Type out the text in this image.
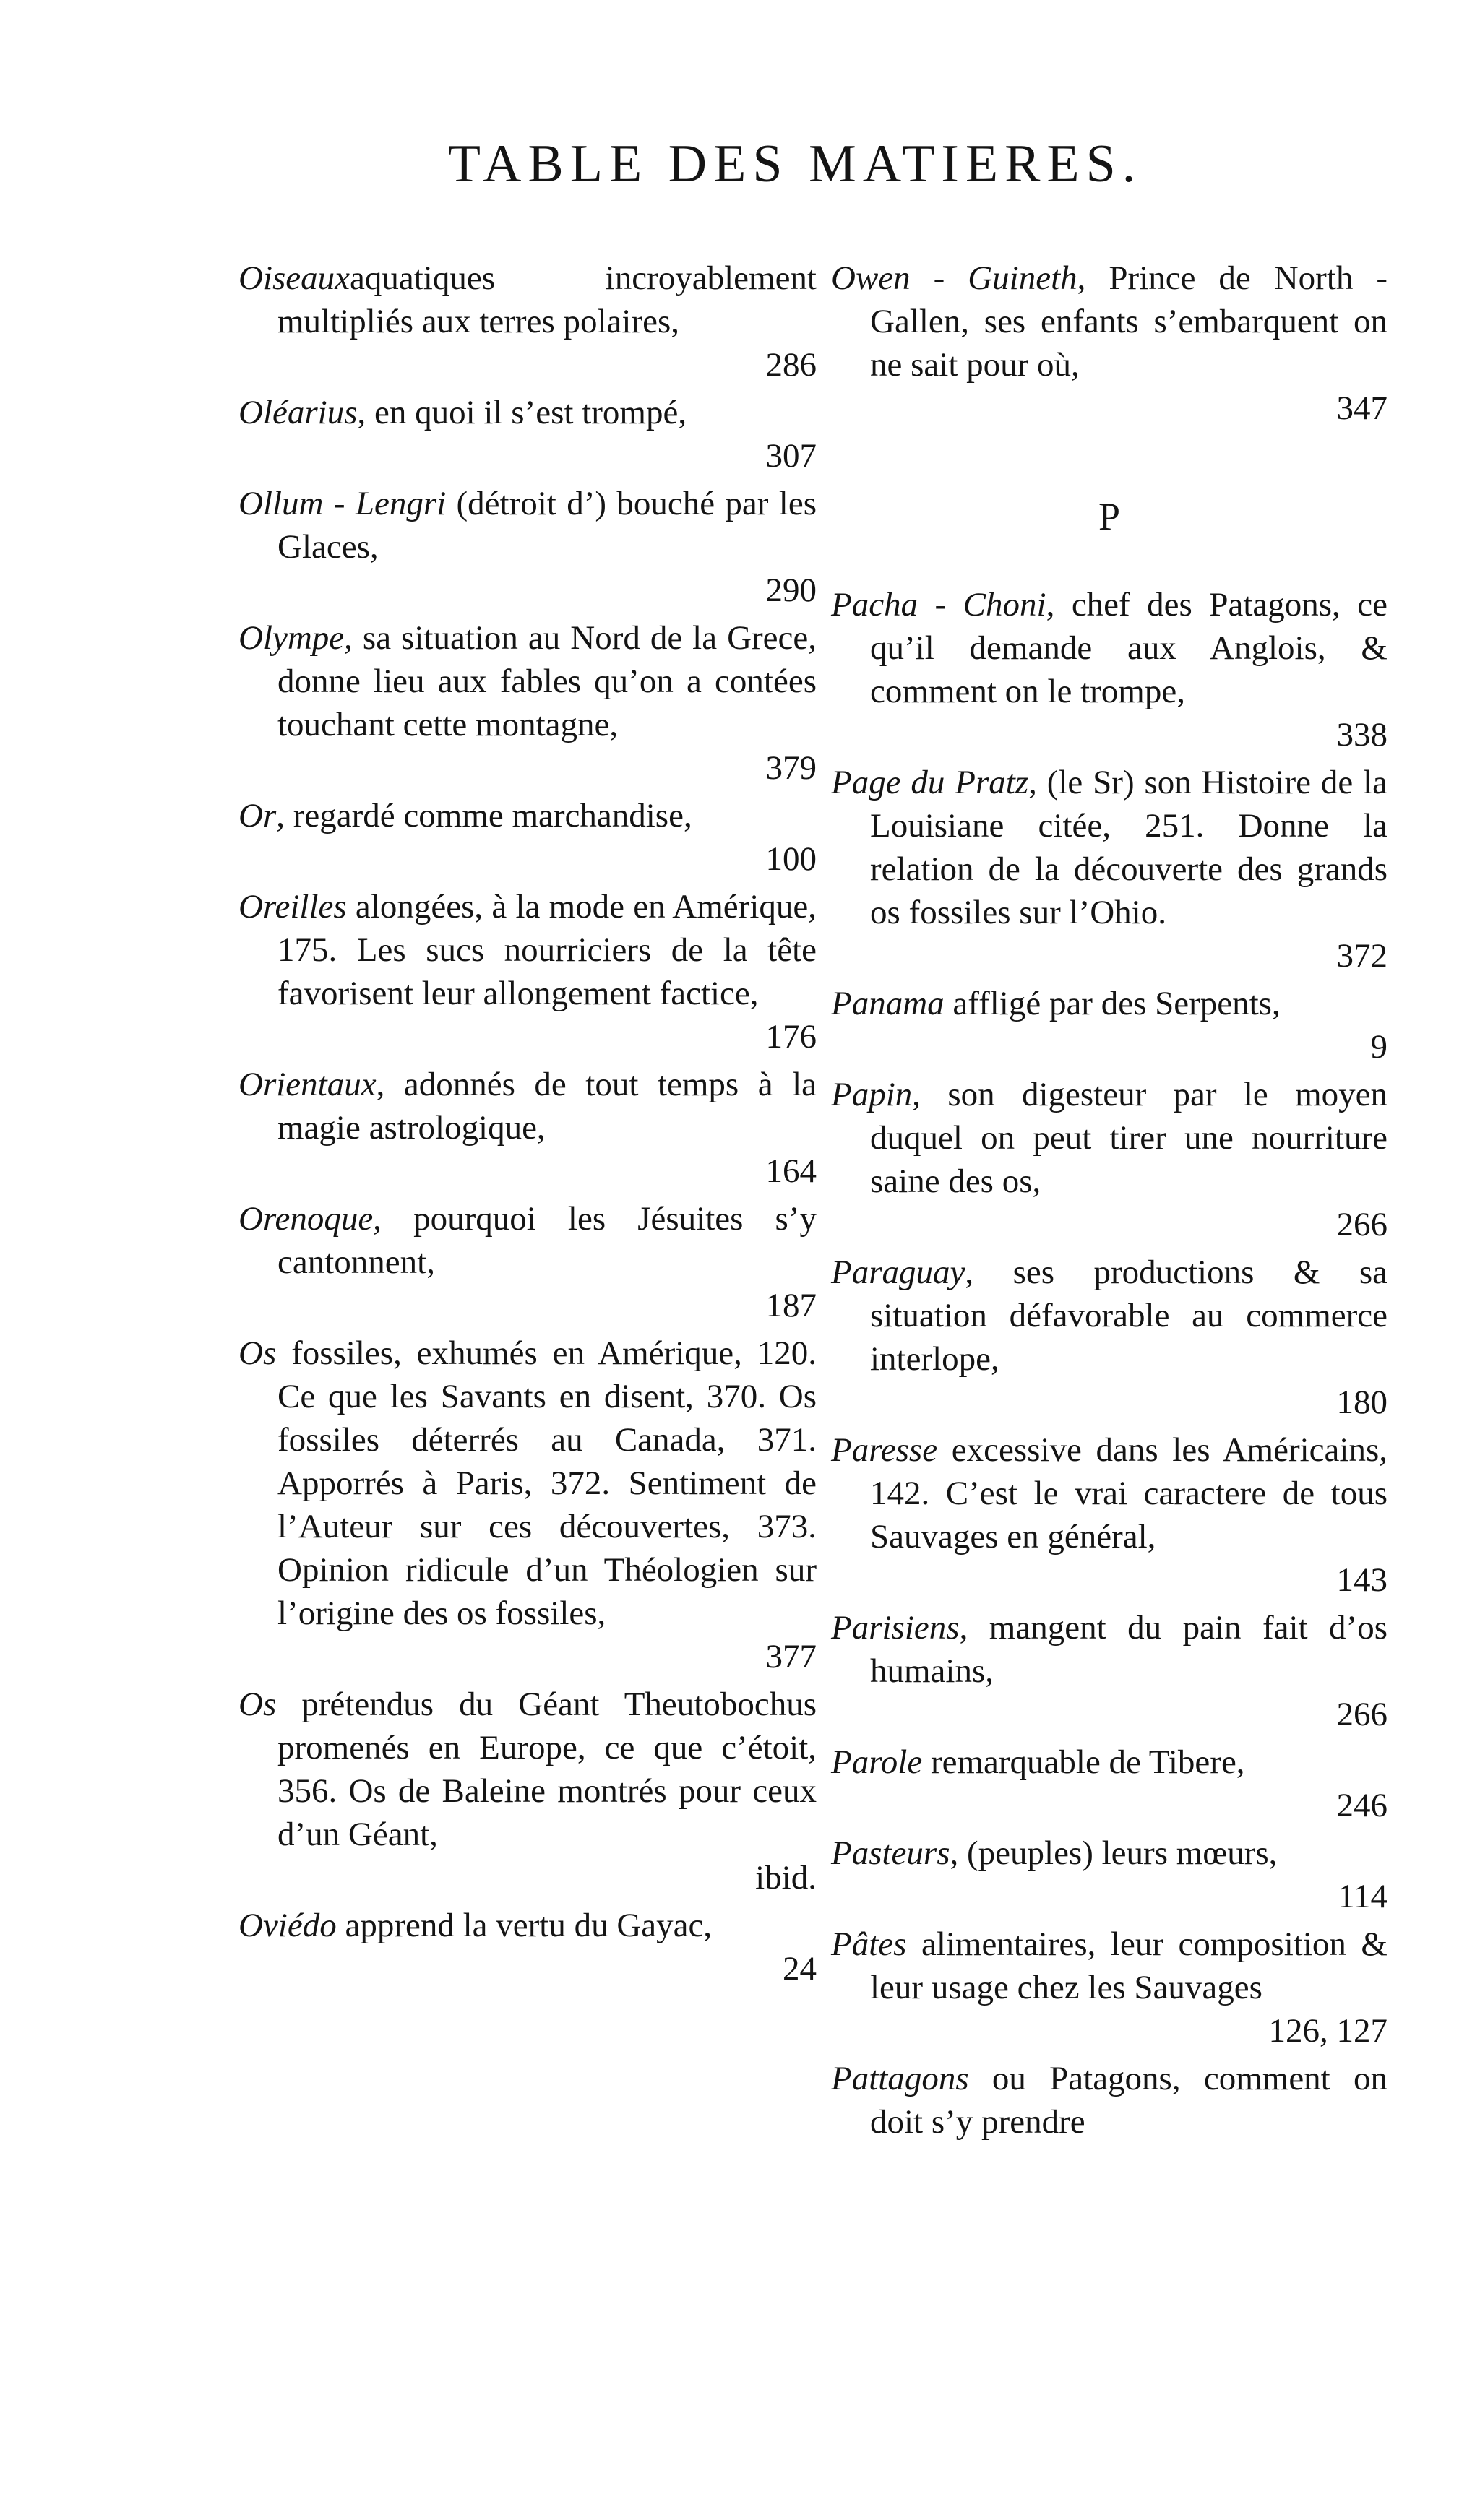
TABLE DES MATIERES.
Oiseauxaquatiques incroyablement multipliés aux terres polaires,
286
Oléarius, en quoi il s’est trompé,
307
Ollum - Lengri (détroit d’) bouché par les Glaces,
290
Olympe, sa situation au Nord de la Grece, donne lieu aux fables qu’on a contées touchant cette montagne,
379
Or, regardé comme marchandise,
100
Oreilles alongées, à la mode en Amérique, 175. Les sucs nourriciers de la tête favorisent leur allongement factice,
176
Orientaux, adonnés de tout temps à la magie astrologique,
164
Orenoque, pourquoi les Jésuites s’y cantonnent,
187
Os fossiles, exhumés en Amérique, 120. Ce que les Savants en disent, 370. Os fossiles déterrés au Canada, 371. Apporrés à Paris, 372. Sentiment de l’Auteur sur ces découvertes, 373. Opinion ridicule d’un Théologien sur l’origine des os fossiles,
377
Os prétendus du Géant Theutobochus promenés en Europe, ce que c’étoit, 356. Os de Baleine montrés pour ceux d’un Géant,
ibid.
Oviédo apprend la vertu du Gayac,
24
Owen - Guineth, Prince de North - Gallen, ses enfants s’embarquent on ne sait pour où,
347
P
Pacha - Choni, chef des Patagons, ce qu’il demande aux Anglois, & comment on le trompe,
338
Page du Pratz, (le Sr) son Histoire de la Louisiane citée, 251. Donne la relation de la découverte des grands os fossiles sur l’Ohio.
372
Panama affligé par des Serpents,
9
Papin, son digesteur par le moyen duquel on peut tirer une nourriture saine des os,
266
Paraguay, ses productions & sa situation défavorable au commerce interlope,
180
Paresse excessive dans les Américains, 142. C’est le vrai caractere de tous Sauvages en général,
143
Parisiens, mangent du pain fait d’os humains,
266
Parole remarquable de Tibere,
246
Pasteurs, (peuples) leurs mœurs,
114
Pâtes alimentaires, leur composition & leur usage chez les Sauvages
126, 127
Pattagons ou Patagons, comment on doit s’y prendre
